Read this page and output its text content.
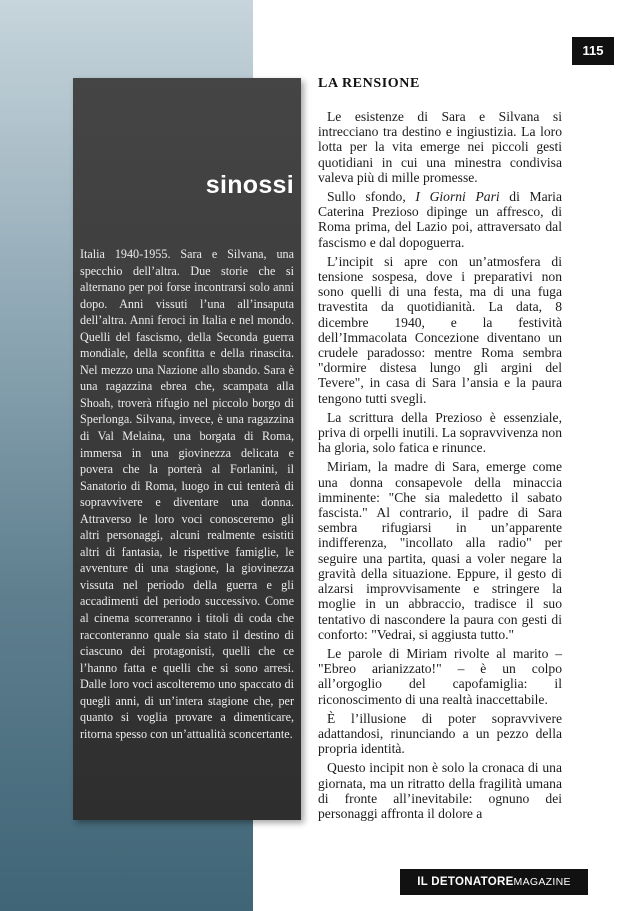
sinossi
Italia 1940-1955. Sara e Silvana, una specchio dell’altra. Due storie che si alternano per poi forse incontrarsi solo anni dopo. Anni vissuti l’una all’insaputa dell’altra. Anni feroci in Italia e nel mondo. Quelli del fascismo, della Seconda guerra mondiale, della sconfitta e della rinascita. Nel mezzo una Nazione allo sbando. Sara è una ragazzina ebrea che, scampata alla Shoah, troverà rifugio nel piccolo borgo di Sperlonga. Silvana, invece, è una ragazzina di Val Melaina, una borgata di Roma, immersa in una giovinezza delicata e povera che la porterà al Forlanini, il Sanatorio di Roma, luogo in cui tenterà di sopravvivere e diventare una donna. Attraverso le loro voci conosceremo gli altri personaggi, alcuni realmente esistiti altri di fantasia, le rispettive famiglie, le avventure di una stagione, la giovinezza vissuta nel periodo della guerra e gli accadimenti del periodo successivo. Come al cinema scorreranno i titoli di coda che racconteranno quale sia stato il destino di ciascuno dei protagonisti, quelli che ce l’hanno fatta e quelli che si sono arresi. Dalle loro voci ascolteremo uno spaccato di quegli anni, di un’intera stagione che, per quanto si voglia provare a dimenticare, ritorna spesso con un’attualità sconcertante.
115
LA RENSIONE

Le esistenze di Sara e Silvana si intrecciano tra destino e ingiustizia. La loro lotta per la vita emerge nei piccoli gesti quotidiani in cui una minestra condivisa valeva più di mille promesse.

Sullo sfondo, I Giorni Pari di Maria Caterina Prezioso dipinge un affresco, di Roma prima, del Lazio poi, attraversato dal fascismo e dal dopoguerra.

L’incipit si apre con un’atmosfera di tensione sospesa, dove i preparativi non sono quelli di una festa, ma di una fuga travestita da quotidianità. La data, 8 dicembre 1940, e la festività dell’Immacolata Concezione diventano un crudele paradosso: mentre Roma sembra "dormire distesa lungo gli argini del Tevere", in casa di Sara l’ansia e la paura tengono tutti svegli.

La scrittura della Prezioso è essenziale, priva di orpelli inutili. La sopravvivenza non ha gloria, solo fatica e rinunce.

Miriam, la madre di Sara, emerge come una donna consapevole della minaccia imminente: "Che sia maledetto il sabato fascista." Al contrario, il padre di Sara sembra rifugiarsi in un’apparente indifferenza, "incollato alla radio" per seguire una partita, quasi a voler negare la gravità della situazione. Eppure, il gesto di alzarsi improvvisamente e stringere la moglie in un abbraccio, tradisce il suo tentativo di nascondere la paura con gesti di conforto: "Vedrai, si aggiusta tutto."

Le parole di Miriam rivolte al marito – "Ebreo arianizzato!" – è un colpo all’orgoglio del capofamiglia: il riconoscimento di una realtà inaccettabile.

È l’illusione di poter sopravvivere adattandosi, rinunciando a un pezzo della propria identità.

Questo incipit non è solo la cronaca di una giornata, ma un ritratto della fragilità umana di fronte all’inevitabile: ognuno dei personaggi affronta il dolore a

IL DETONATOREMAGAZINE
